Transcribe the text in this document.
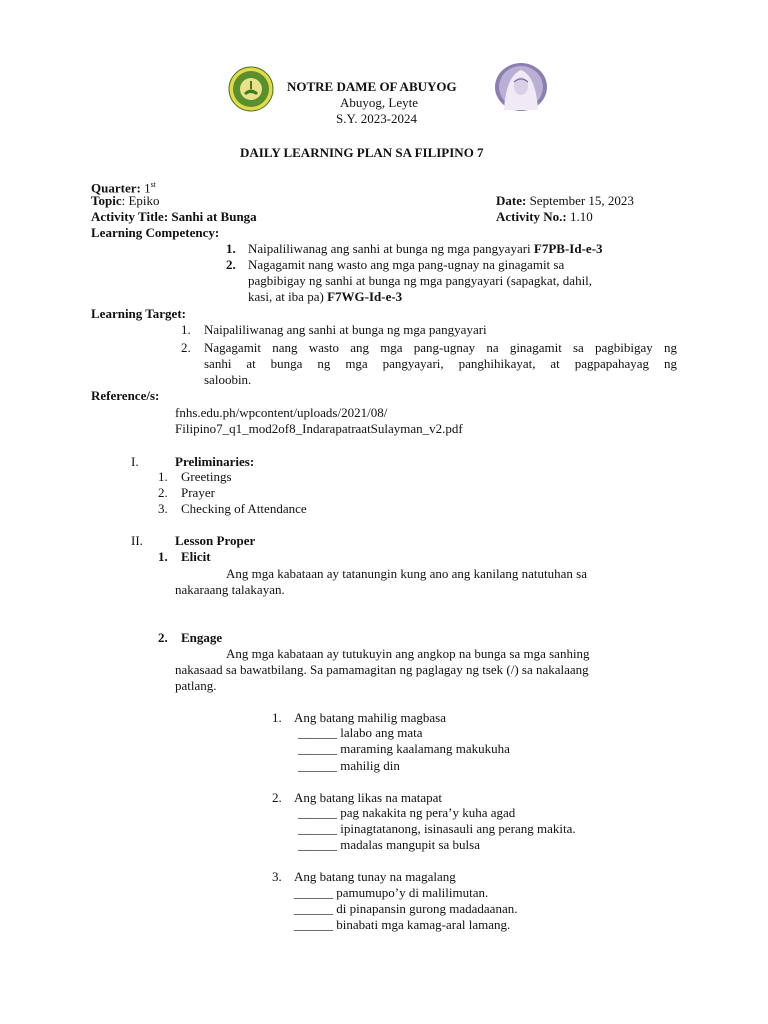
NOTRE DAME OF ABUYOG
Abuyog, Leyte
S.Y. 2023-2024
DAILY LEARNING PLAN SA FILIPINO 7
Quarter: 1st
Topic: Epiko	Date: September 15, 2023
Activity Title: Sanhi at Bunga	Activity No.: 1.10
Learning Competency:
1. Naipaliliwanag ang sanhi at bunga ng mga pangyayari F7PB-Id-e-3
2. Nagagamit nang wasto ang mga pang-ugnay na ginagamit sa
pagbibigay ng sanhi at bunga ng mga pangyayari (sapagkat, dahil,
kasi, at iba pa) F7WG-Id-e-3
Learning Target:
1. Naipaliliwanag ang sanhi at bunga ng mga pangyayari
2. Nagagamit nang wasto ang mga pang-ugnay na ginagamit sa pagbibigay ng
sanhi at bunga ng mga pangyayari, panghihikayat, at pagpapahayag ng
saloobin.
Reference/s:
fnhs.edu.ph/wpcontent/uploads/2021/08/
Filipino7_q1_mod2of8_IndarapatraatSulayman_v2.pdf
I.	Preliminaries:
1. Greetings
2. Prayer
3. Checking of Attendance
II. Lesson Proper
1. Elicit
Ang mga kabataan ay tatanungin kung ano ang kanilang natutuhan sa
nakaraang talakayan.
2. Engage
Ang mga kabataan ay tutukuyin ang angkop na bunga sa mga sanhing
nakasaad sa bawatbilang. Sa pamamagitan ng paglagay ng tsek (/) sa nakalaang
patlang.
1. Ang batang mahilig magbasa
______ lalabo ang mata
______ maraming kaalamang makukuha
______ mahilig din
2. Ang batang likas na matapat
______ pag nakakita ng pera’y kuha agad
______ ipinagtatanong, isinasauli ang perang makita.
______ madalas mangupit sa bulsa
3. Ang batang tunay na magalang
______ pamumupo’y di malilimutan.
______ di pinapansin gurong madadaanan.
______ binabati mga kamag-aral lamang.
